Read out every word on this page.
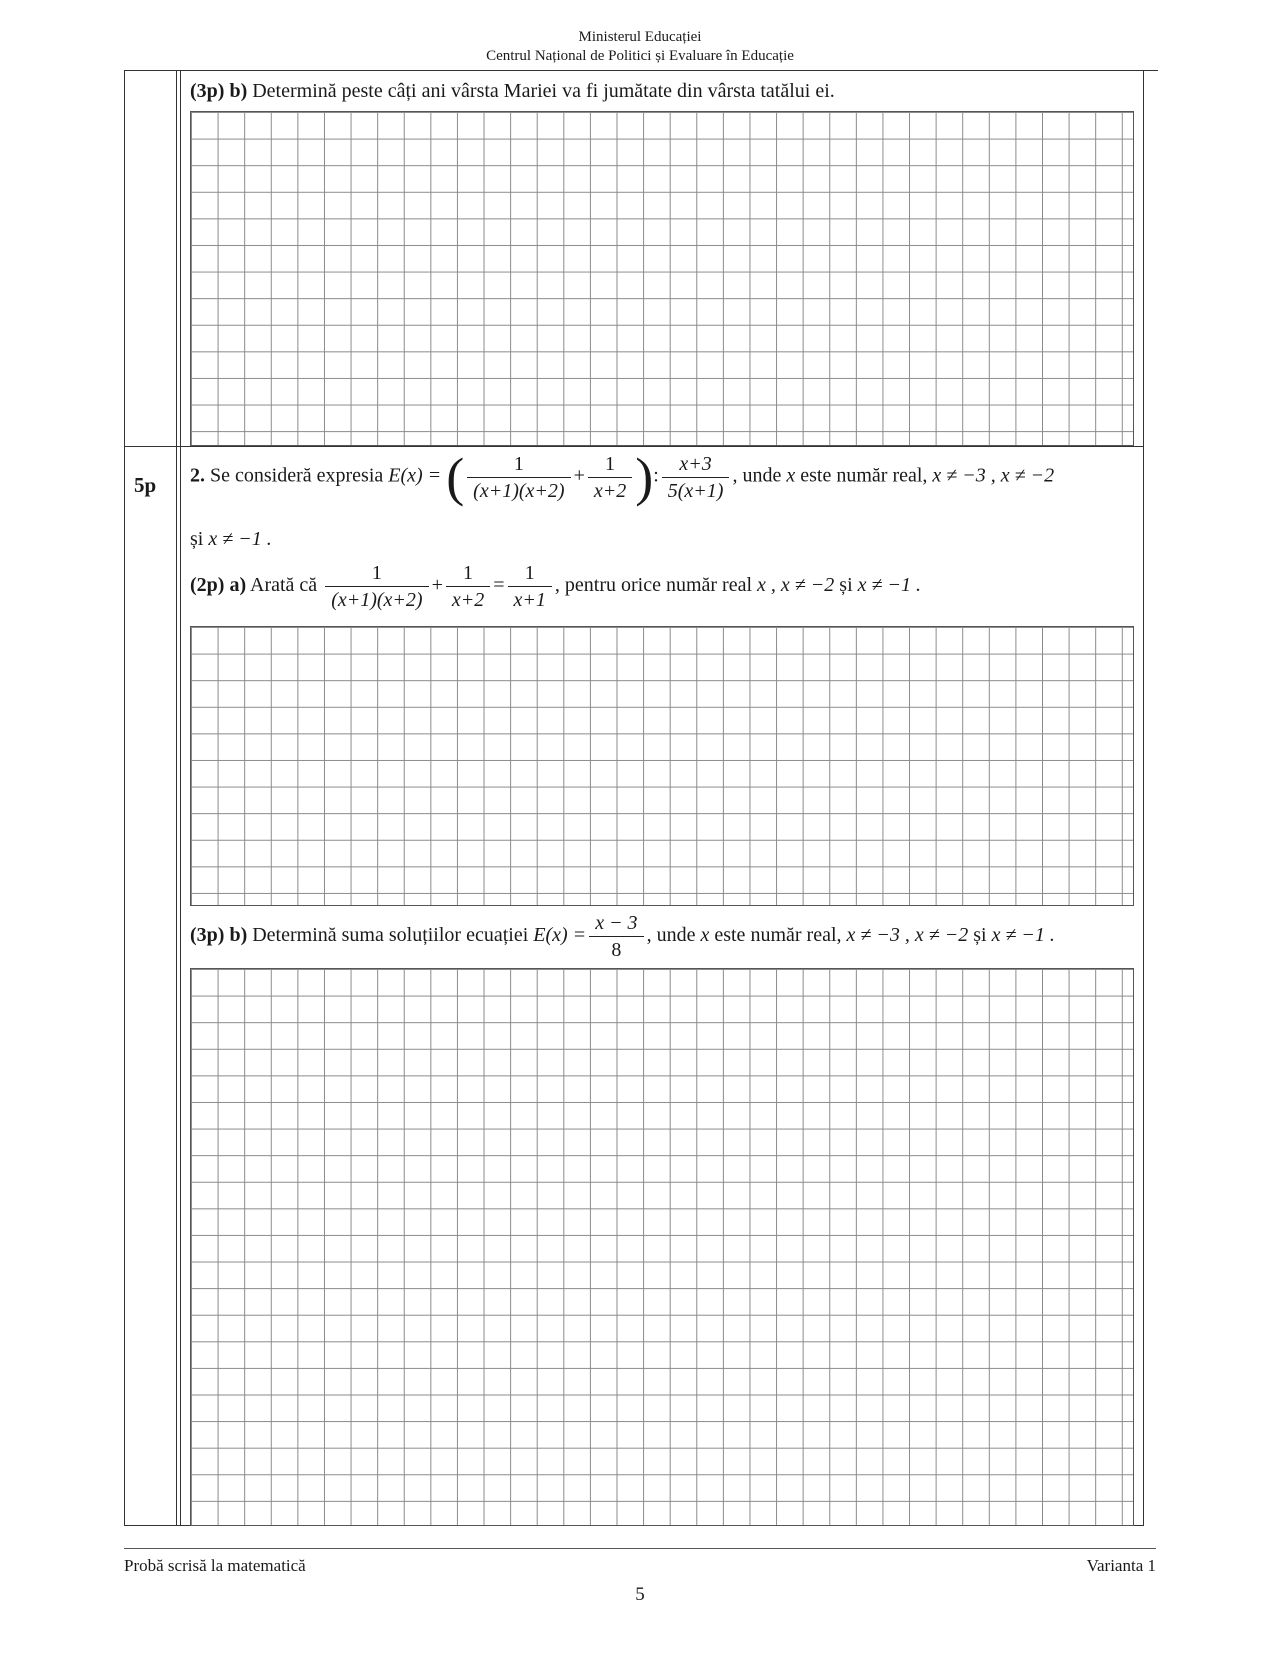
Ministerul Educației
Centrul Național de Politici și Evaluare în Educație
(3p) b) Determină peste câți ani vârsta Mariei va fi jumătate din vârsta tatălui ei.
5p 2. Se consideră expresia E(x) = ( $\frac{1}{(x+1)(x+2)} + \frac{1}{x+2}$ ): $\frac{x+3}{5(x+1)}$ , unde x este număr real, x ≠ −3 , x ≠ −2
și x ≠ −1 .
(2p) a) Arată că $\frac{1}{(x+1)(x+2)} + \frac{1}{x+2} = \frac{1}{x+1}$ , pentru orice număr real x , x ≠ −2 și x ≠ −1 .
(3p) b) Determină suma soluțiilor ecuației $E(x) = \frac{x - 3}{8}$ , unde x este număr real, x ≠ −3 , x ≠ −2 și x ≠ −1 .
Probă scrisă la matematică	Varianta 1
5
